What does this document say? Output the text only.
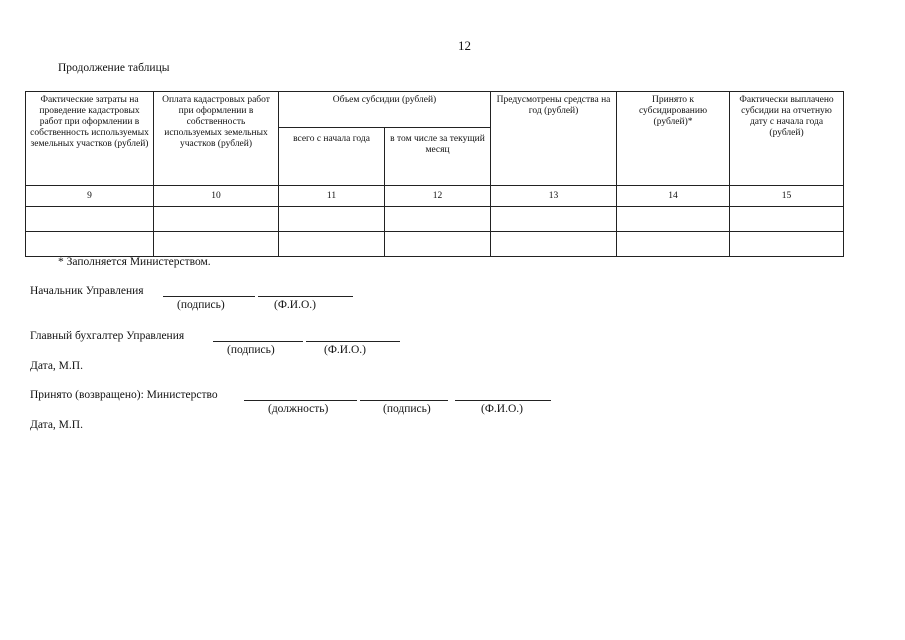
12
Продолжение таблицы
Фактические затраты на проведение кадастровых работ при оформлении в собственность используемых земельных участков (рублей)	Оплата кадастровых работ при оформлении в собственность используемых земельных участков (рублей)	Объем субсидии (рублей)		Предусмотрены средства на год (рублей)	Принято к субсидированию (рублей)*	Фактически выплачено субсидии на отчетную дату с начала года (рублей)
		всего с начала года	в том числе за текущий месяц			
9	10	11	12	13	14	15

* Заполняется Министерством.
Начальник Управления
(подпись)	(Ф.И.О.)
Главный бухгалтер Управления
(подпись)	(Ф.И.О.)
Дата, М.П.
Принято (возвращено): Министерство
(должность)	(подпись)	(Ф.И.О.)
Дата, М.П.
